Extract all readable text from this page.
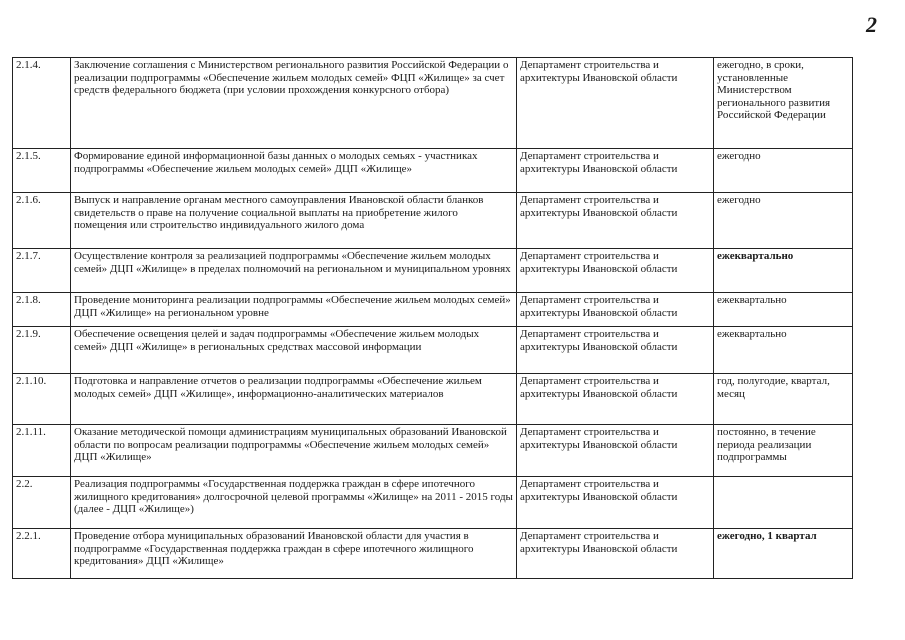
2
2.1.4.	Заключение соглашения с Министерством регионального развития Российской Федерации о реализации подпрограммы «Обеспечение жильем молодых семей» ФЦП «Жилище» за счет средств федерального бюджета (при условии прохождения конкурсного отбора)	Департамент строительства и архитектуры Ивановской области	ежегодно, в сроки, установленные Министерством регионального развития Российской Федерации
2.1.5.	Формирование единой информационной базы данных о молодых семьях - участниках подпрограммы «Обеспечение жильем молодых семей» ДЦП «Жилище»	Департамент строительства и архитектуры Ивановской области	ежегодно
2.1.6.	Выпуск и направление органам местного самоуправления Ивановской области бланков свидетельств о праве на получение социальной выплаты на приобретение жилого помещения или строительство индивидуального жилого дома	Департамент строительства и архитектуры Ивановской области	ежегодно
2.1.7.	Осуществление контроля за реализацией подпрограммы «Обеспечение жильем молодых семей» ДЦП «Жилище» в пределах полномочий на региональном и муниципальном уровнях	Департамент строительства и архитектуры Ивановской области	ежеквартально
2.1.8.	Проведение мониторинга реализации подпрограммы «Обеспечение жильем молодых семей» ДЦП «Жилище» на региональном уровне	Департамент строительства и архитектуры Ивановской области	ежеквартально
2.1.9.	Обеспечение освещения целей и задач подпрограммы «Обеспечение жильем молодых семей» ДЦП «Жилище» в региональных средствах массовой информации	Департамент строительства и архитектуры Ивановской области	ежеквартально
2.1.10.	Подготовка и направление отчетов о реализации подпрограммы «Обеспечение жильем молодых семей» ДЦП «Жилище», информационно-аналитических материалов	Департамент строительства и архитектуры Ивановской области	год, полугодие, квартал, месяц
2.1.11.	Оказание методической помощи администрациям муниципальных образований Ивановской области по вопросам реализации подпрограммы «Обеспечение жильем молодых семей» ДЦП «Жилище»	Департамент строительства и архитектуры Ивановской области	постоянно, в течение периода реализации подпрограммы
2.2.	Реализация подпрограммы «Государственная поддержка граждан в сфере ипотечного жилищного кредитования» долгосрочной целевой программы «Жилище» на 2011 - 2015 годы (далее - ДЦП «Жилище»)	Департамент строительства и архитектуры Ивановской области	
2.2.1.	Проведение отбора муниципальных образований Ивановской области для участия в подпрограмме «Государственная поддержка граждан в сфере ипотечного жилищного кредитования» ДЦП «Жилище»	Департамент строительства и архитектуры Ивановской области	ежегодно, 1 квартал
